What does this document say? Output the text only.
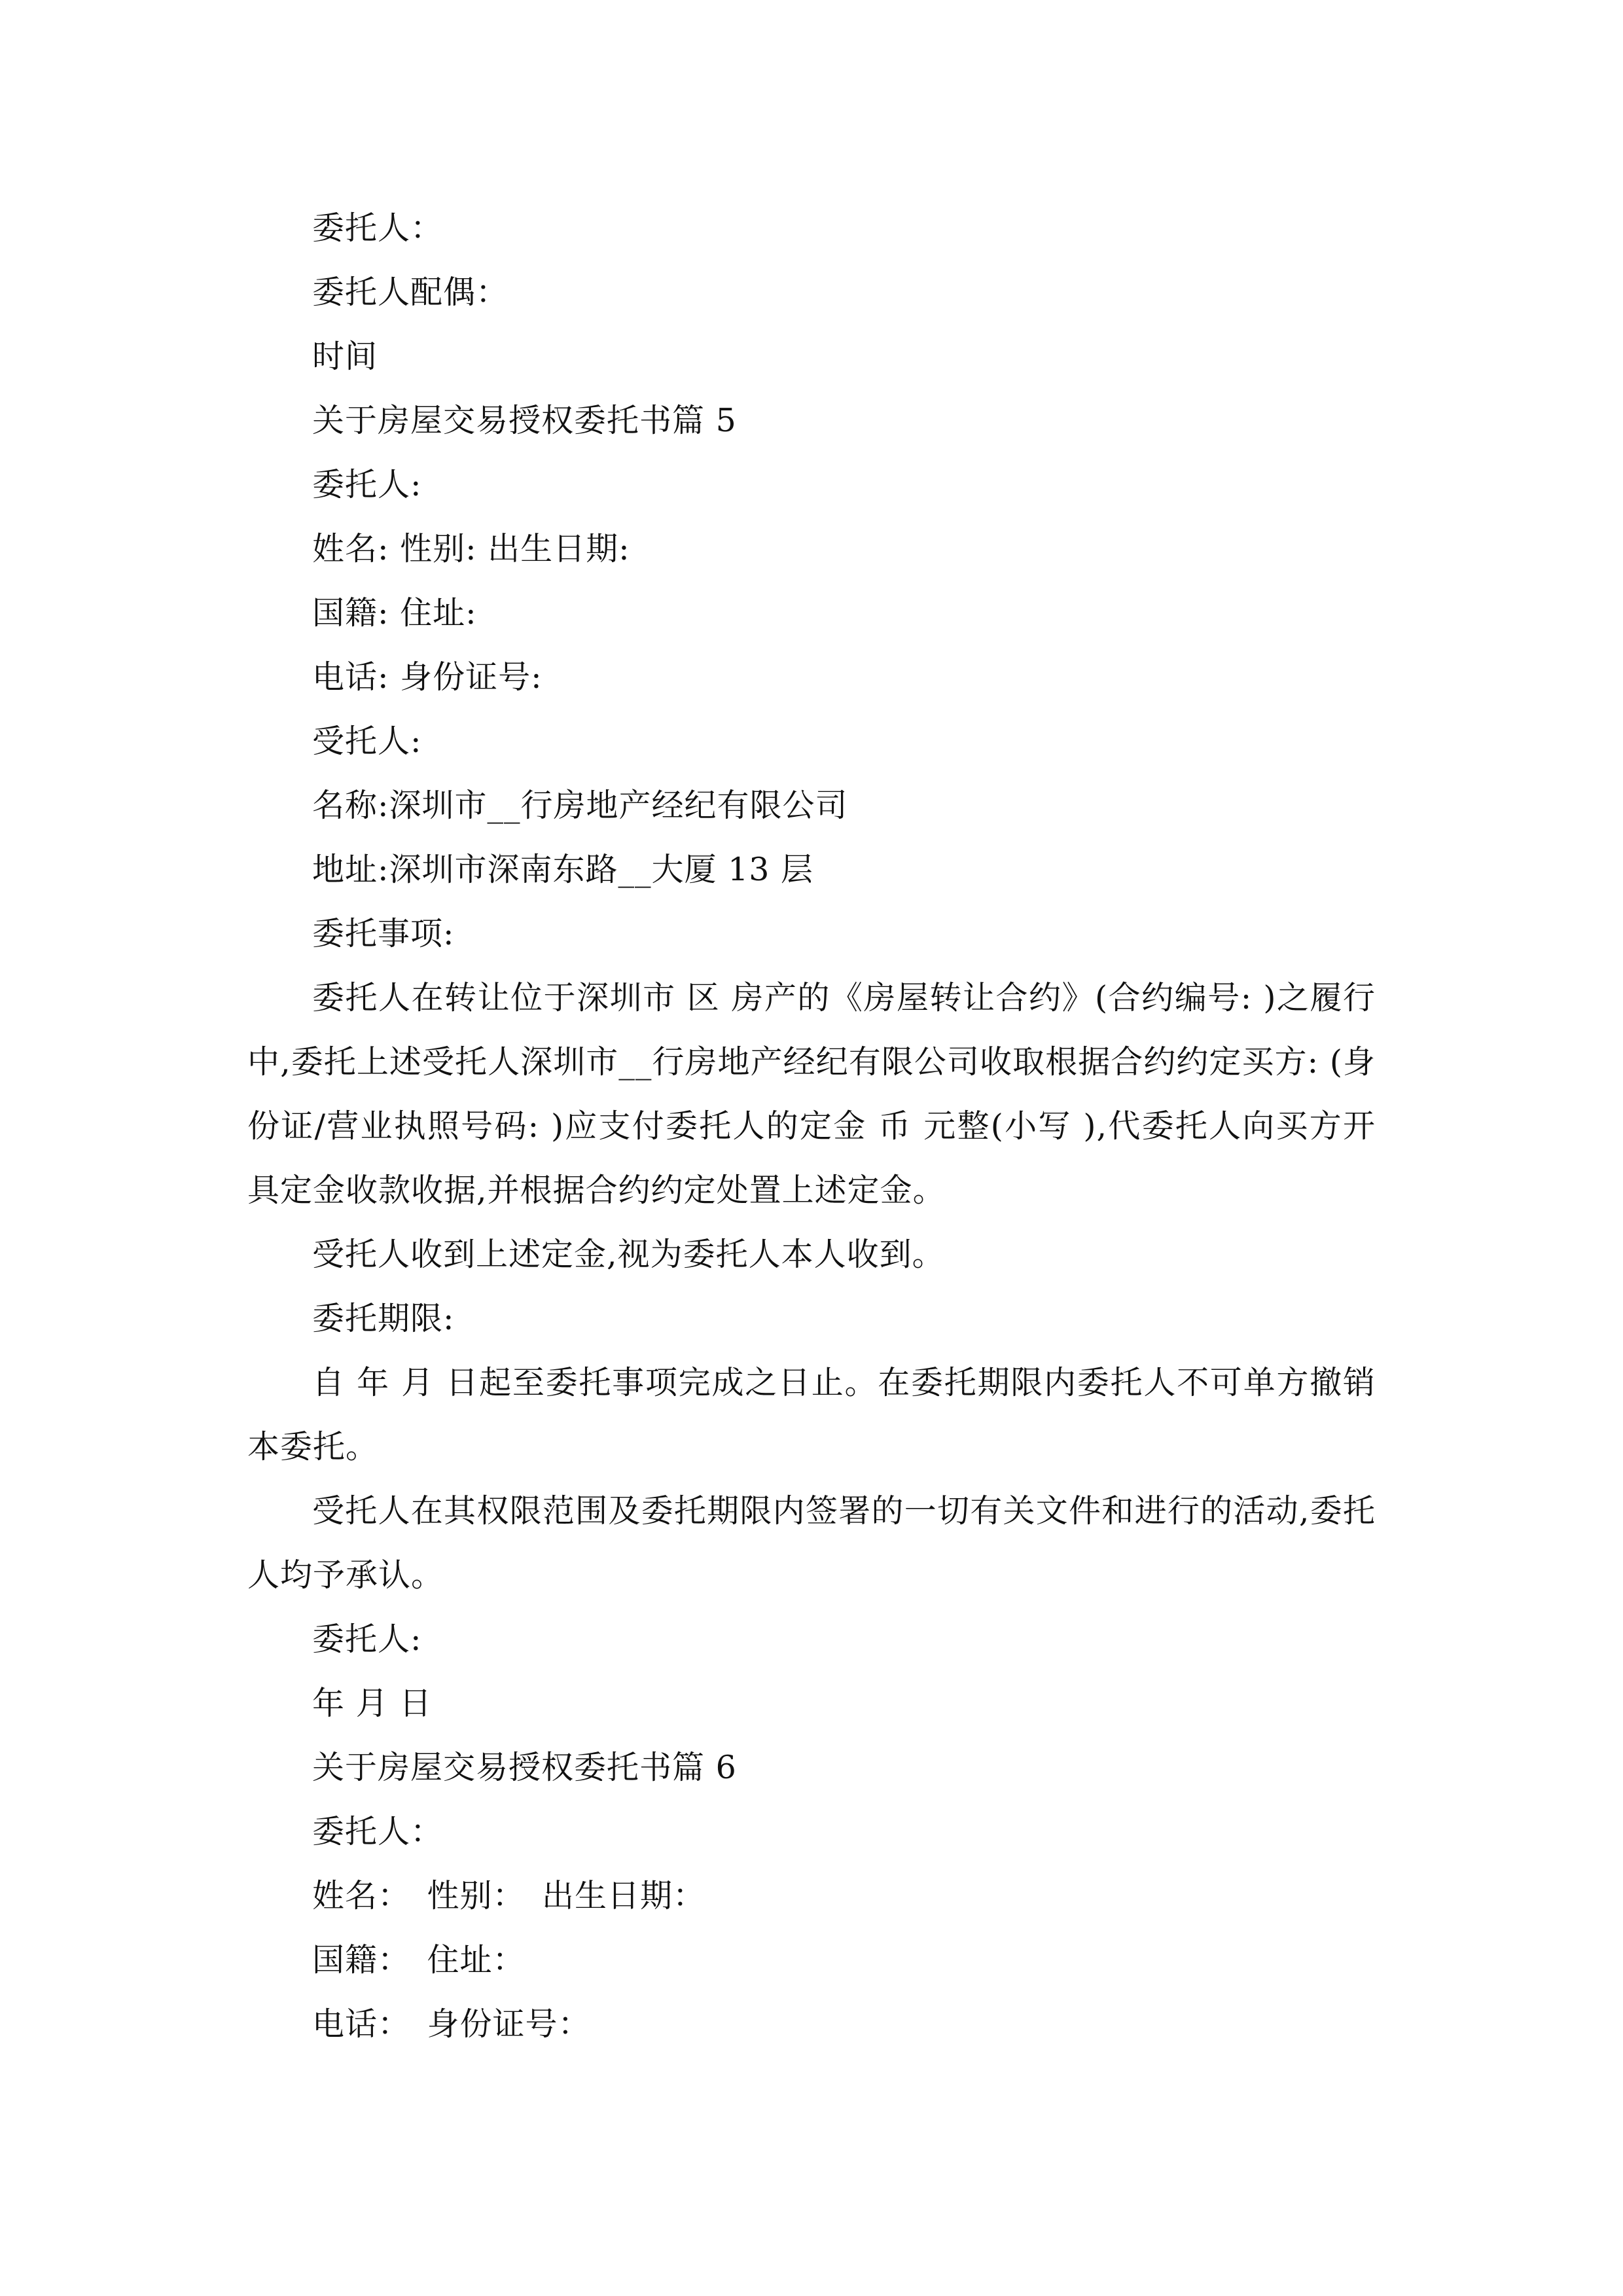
委托人：
委托人配偶：
时间
关于房屋交易授权委托书篇 5
委托人:
姓名: 性别: 出生日期:
国籍: 住址:
电话: 身份证号:
受托人:
名称:深圳市__行房地产经纪有限公司
地址:深圳市深南东路__大厦 13 层
委托事项:
委托人在转让位于深圳市 区 房产的《房屋转让合约》(合约编号: )之履行中,委托上述受托人深圳市__行房地产经纪有限公司收取根据合约约定买方: (身份证/营业执照号码: )应支付委托人的定金 币 元整(小写 ),代委托人向买方开具定金收款收据,并根据合约约定处置上述定金。
受托人收到上述定金,视为委托人本人收到。
委托期限:
自 年 月 日起至委托事项完成之日止。在委托期限内委托人不可单方撤销本委托。
受托人在其权限范围及委托期限内签署的一切有关文件和进行的活动,委托人均予承认。
委托人:
年 月 日
关于房屋交易授权委托书篇 6
委托人：
姓名：　性别：　出生日期：
国籍：　住址：
电话：　身份证号：
